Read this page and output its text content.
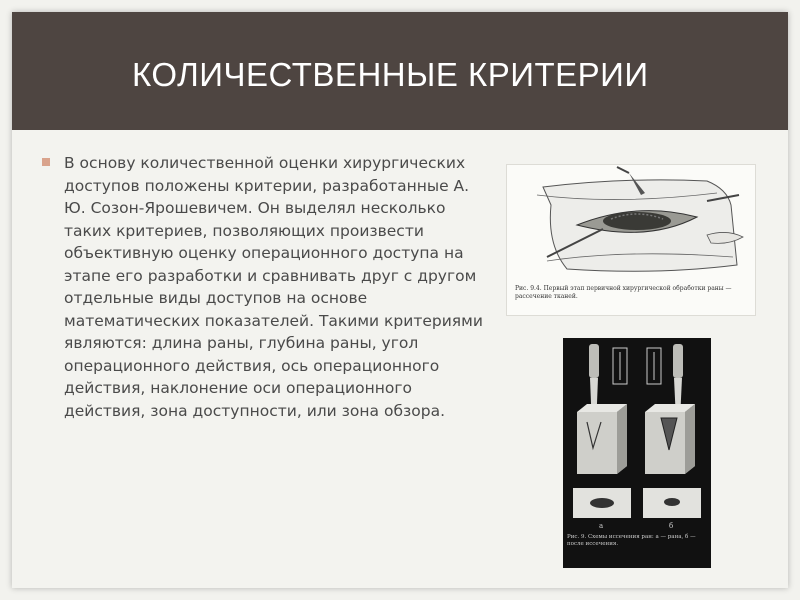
КОЛИЧЕСТВЕННЫЕ КРИТЕРИИ

В основу количественной оценки хирургических доступов положены критерии, разработанные А. Ю. Созон-Ярошевичем. Он выделял несколько таких критериев, позволяющих произвести объективную оценку операционного доступа на этапе его разработки и сравнивать друг с другом отдельные виды доступов на основе математических показателей. Такими критериями являются: длина раны, глубина раны, угол операционного действия, ось операционного действия, наклонение оси операционного действия, зона доступности, или зона обзора.

Рис. 9.4. Первый этап первичной хирургической обработки раны — рассечение тканей.
а	б
Рис. 9. Схемы иссечения ран: а — рана, б — после иссечения.
